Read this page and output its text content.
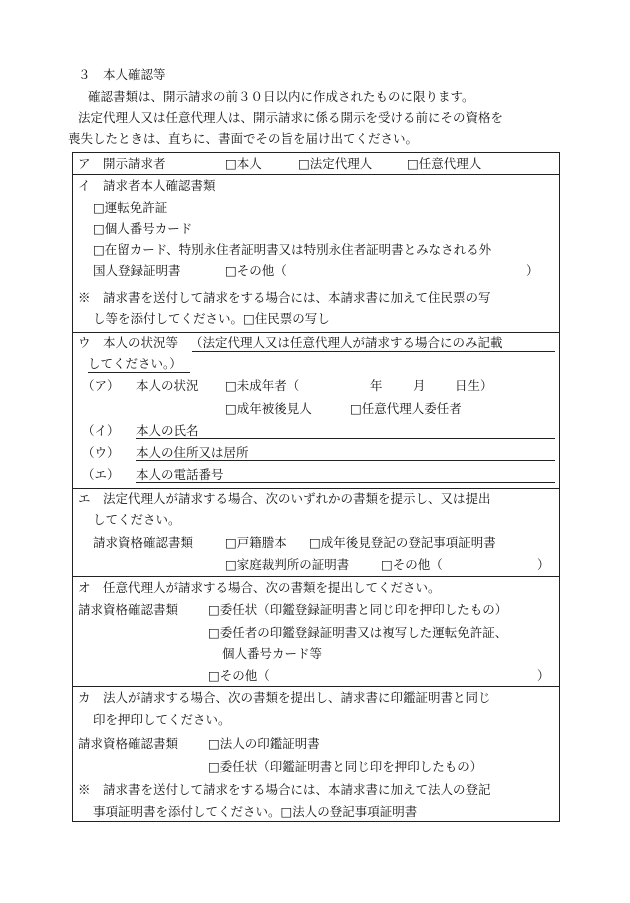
３　本人確認等
確認書類は、開示請求の前３０日以内に作成されたものに限ります。
法定代理人又は任意代理人は、開示請求に係る開示を受ける前にその資格を
喪失したときは、直ちに、書面でその旨を届け出てください。
ア　開示請求者	□本人	□法定代理人	□任意代理人
イ　請求者本人確認書類
□運転免許証
□個人番号カード
□在留カード、特別永住者証明書又は特別永住者証明書とみなされる外
国人登録証明書	□その他（	）
※　請求書を送付して請求をする場合には、本請求書に加えて住民票の写
し等を添付してください。□住民票の写し
ウ　本人の状況等 （法定代理人又は任意代理人が請求する場合にのみ記載
してください。）
（ア） 本人の状況 □未成年者（	年 月 日生）
□成年被後見人	□任意代理人委任者
（イ） 本人の氏名
（ウ） 本人の住所又は居所
（エ） 本人の電話番号
エ　法定代理人が請求する場合、次のいずれかの書類を提示し、又は提出
してください。
請求資格確認書類	□戸籍謄本 □成年後見登記の登記事項証明書
□家庭裁判所の証明書	□その他（	）
オ　任意代理人が請求する場合、次の書類を提出してください。
請求資格確認書類 □委任状（印鑑登録証明書と同じ印を押印したもの）
□委任者の印鑑登録証明書又は複写した運転免許証、
個人番号カード等
□その他（	）
カ　法人が請求する場合、次の書類を提出し、請求書に印鑑証明書と同じ
印を押印してください。
請求資格確認書類 □法人の印鑑証明書
□委任状（印鑑証明書と同じ印を押印したもの）
※　請求書を送付して請求をする場合には、本請求書に加えて法人の登記
事項証明書を添付してください。□法人の登記事項証明書
